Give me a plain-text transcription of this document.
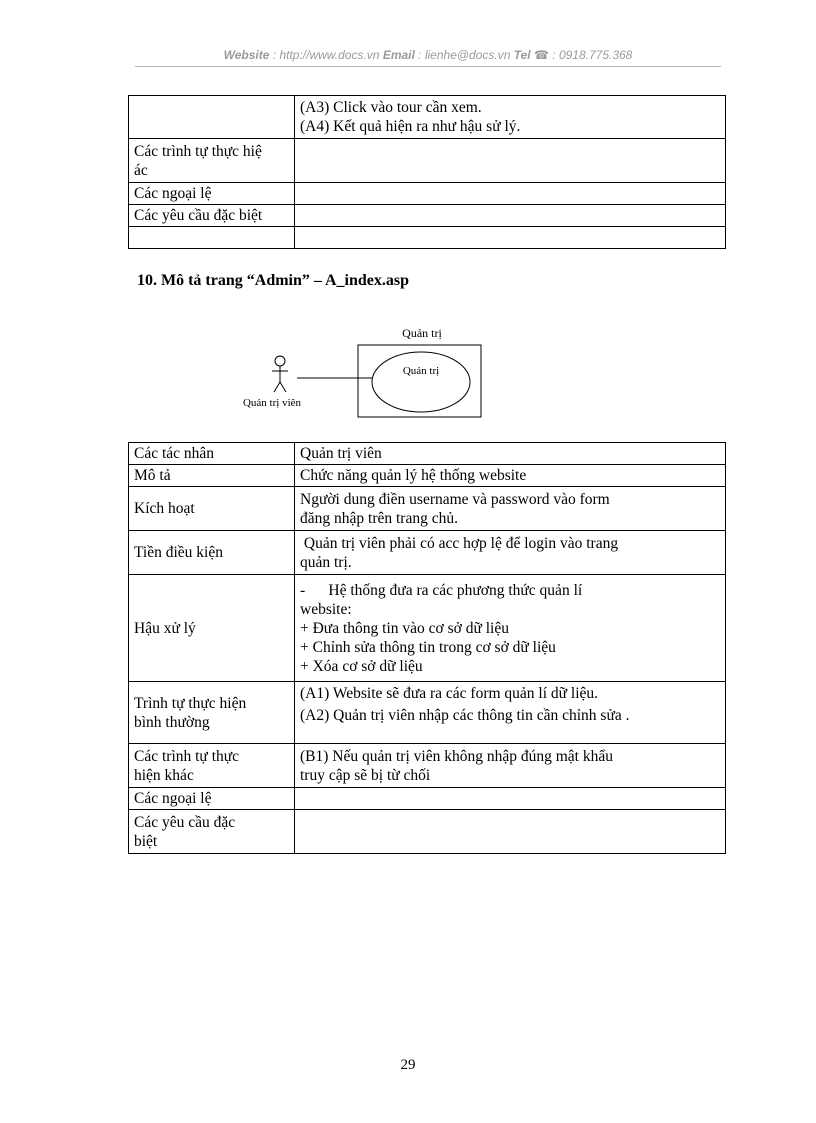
Website : http://www.docs.vn Email : lienhe@docs.vn Tel ☎ : 0918.775.368

	(A3) Click vào tour cần xem.
(A4) Kết quả hiện ra như hậu sử lý.

Các trình tự thực hiệ
ác	

Các ngoại lệ	
Các yêu cầu đặc biệt	

10. Mô tả trang “Admin” – A_index.asp
Quản trị
Quản trị
Quản trị viên
Các tác nhân	Quản trị viên
Mô tả	Chức năng quản lý hệ thống website
Kích hoạt	Người dung điền username và password vào form
đăng nhập trên trang chủ.

Tiền điều kiện	Quản trị viên phải có acc hợp lệ để login vào trang
quản trị.

Hậu xử lý	-      Hệ thống đưa ra các phương thức quản lí
website:
+ Đưa thông tin vào cơ sở dữ liệu
+ Chỉnh sửa thông tin trong cơ sở dữ liệu
+ Xóa cơ sở dữ liệu

Trình tự thực hiện
bình thường	(A1) Website sẽ đưa ra các form quản lí dữ liệu.
(A2) Quản trị viên nhập các thông tin cần chỉnh sửa .

Các trình tự thực
hiện khác	(B1) Nếu quản trị viên không nhập đúng mật khẩu
truy cập sẽ bị từ chối

Các ngoại lệ	

Các yêu cầu đặc
biệt	

29
